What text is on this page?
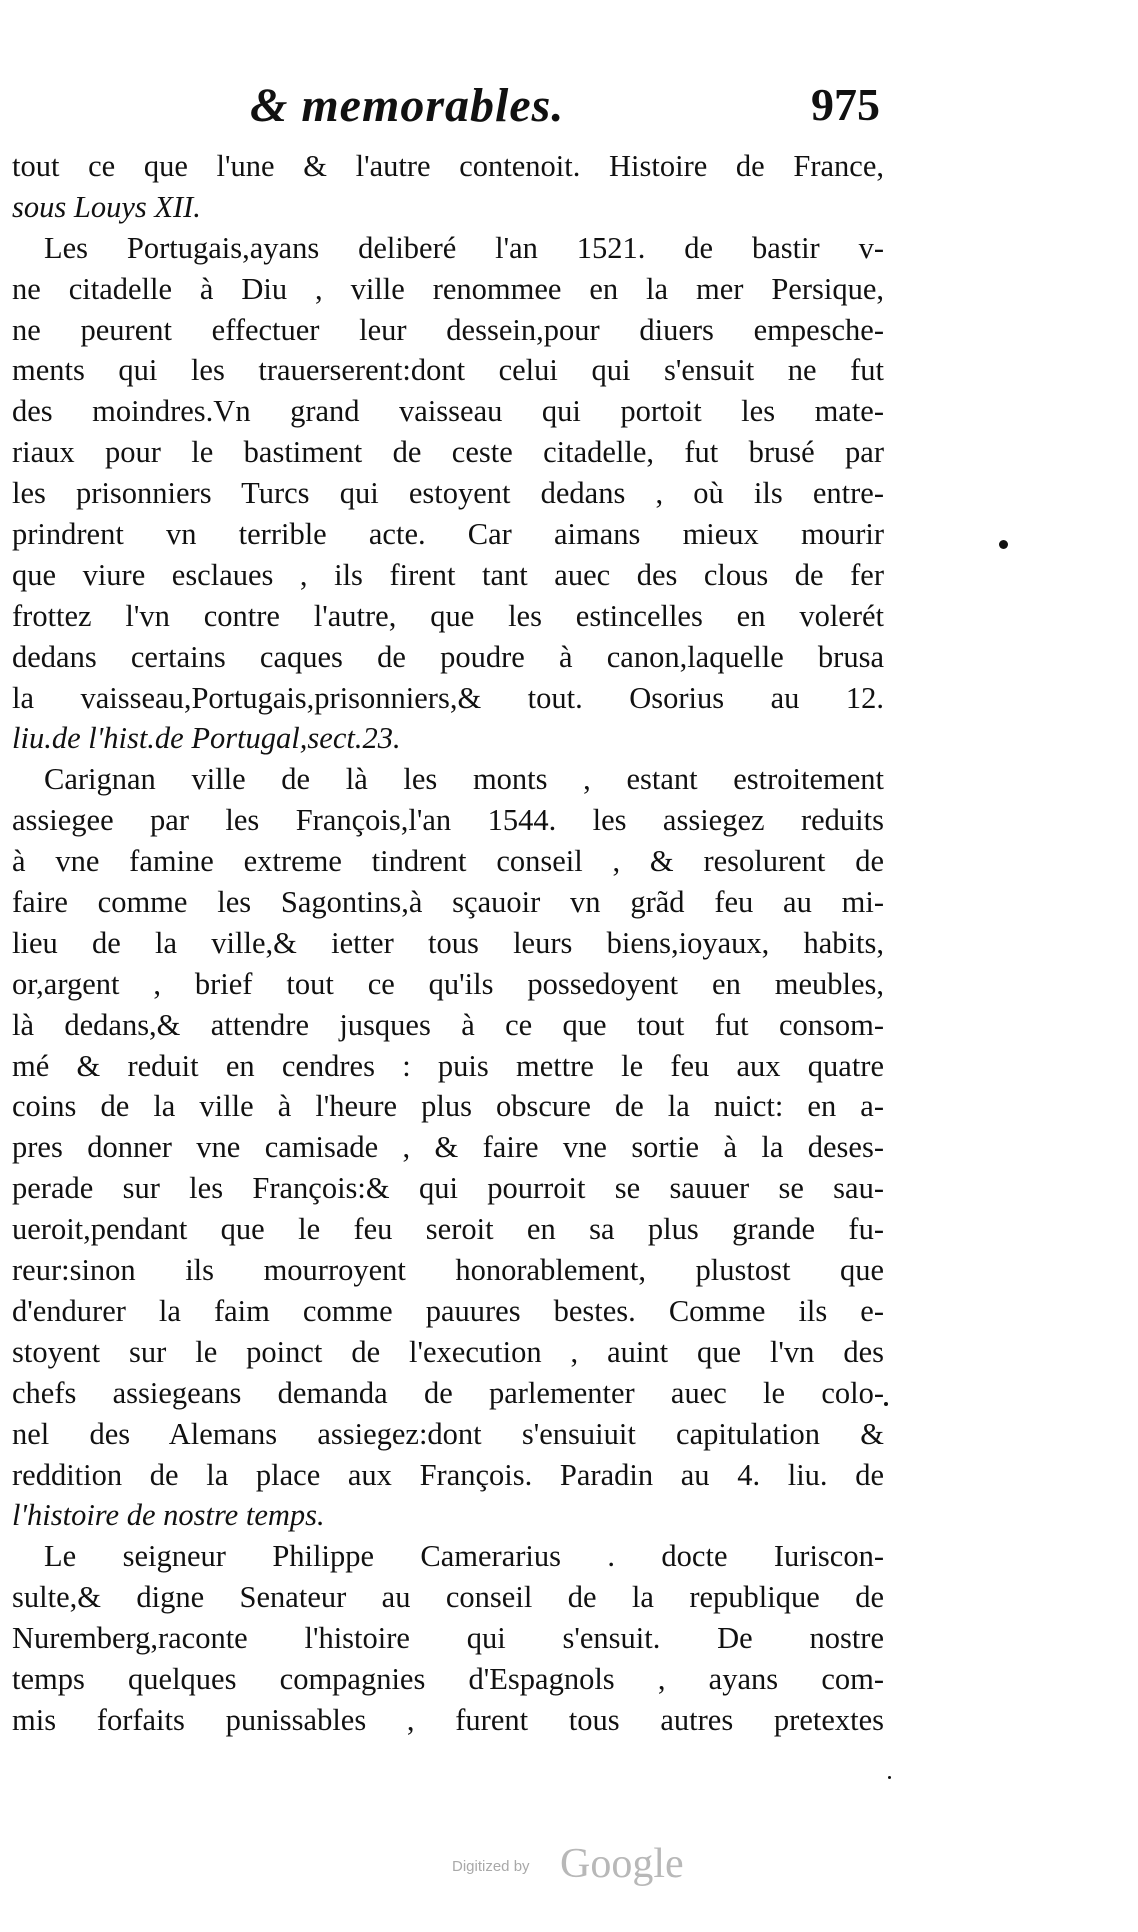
& memorables.	975
tout ce que l'une & l'autre contenoit. Histoire de France,
sous Louys XII.
Les Portugais,ayans deliberé l'an 1521. de bastir v-
ne citadelle à Diu , ville renommee en la mer Persique,
ne peurent effectuer leur dessein,pour diuers empesche-
ments qui les trauerserent:dont celui qui s'ensuit ne fut
des moindres.Vn grand vaisseau qui portoit les mate-
riaux pour le bastiment de ceste citadelle, fut brusé par
les prisonniers Turcs qui estoyent dedans , où ils entre-
prindrent vn terrible acte. Car aimans mieux mourir
que viure esclaues , ils firent tant auec des clous de fer
frottez l'vn contre l'autre, que les estincelles en volerét
dedans certains caques de poudre à canon,laquelle brusa
la vaisseau,Portugais,prisonniers,& tout. Osorius au 12.
liu.de l'hist.de Portugal,sect.23.
Carignan ville de là les monts , estant estroitement
assiegee par les François,l'an 1544. les assiegez reduits
à vne famine extreme tindrent conseil , & resolurent de
faire comme les Sagontins,à sçauoir vn grãd feu au mi-
lieu de la ville,& ietter tous leurs biens,ioyaux, habits,
or,argent , brief tout ce qu'ils possedoyent en meubles,
là dedans,& attendre jusques à ce que tout fut consom-
mé & reduit en cendres : puis mettre le feu aux quatre
coins de la ville à l'heure plus obscure de la nuict: en a-
pres donner vne camisade , & faire vne sortie à la deses-
perade sur les François:& qui pourroit se sauuer se sau-
ueroit,pendant que le feu seroit en sa plus grande fu-
reur:sinon ils mourroyent honorablement, plustost que
d'endurer la faim comme pauures bestes. Comme ils e-
stoyent sur le poinct de l'execution , auint que l'vn des
chefs assiegeans demanda de parlementer auec le colo-
nel des Alemans assiegez:dont s'ensuiuit capitulation &
reddition de la place aux François. Paradin au 4. liu. de
l'histoire de nostre temps.
Le seigneur Philippe Camerarius . docte Iuriscon-
sulte,& digne Senateur au conseil de la republique de
Nuremberg,raconte l'histoire qui s'ensuit. De nostre
temps quelques compagnies d'Espagnols , ayans com-
mis forfaits punissables , furent tous autres pretextes
Digitized by Google
